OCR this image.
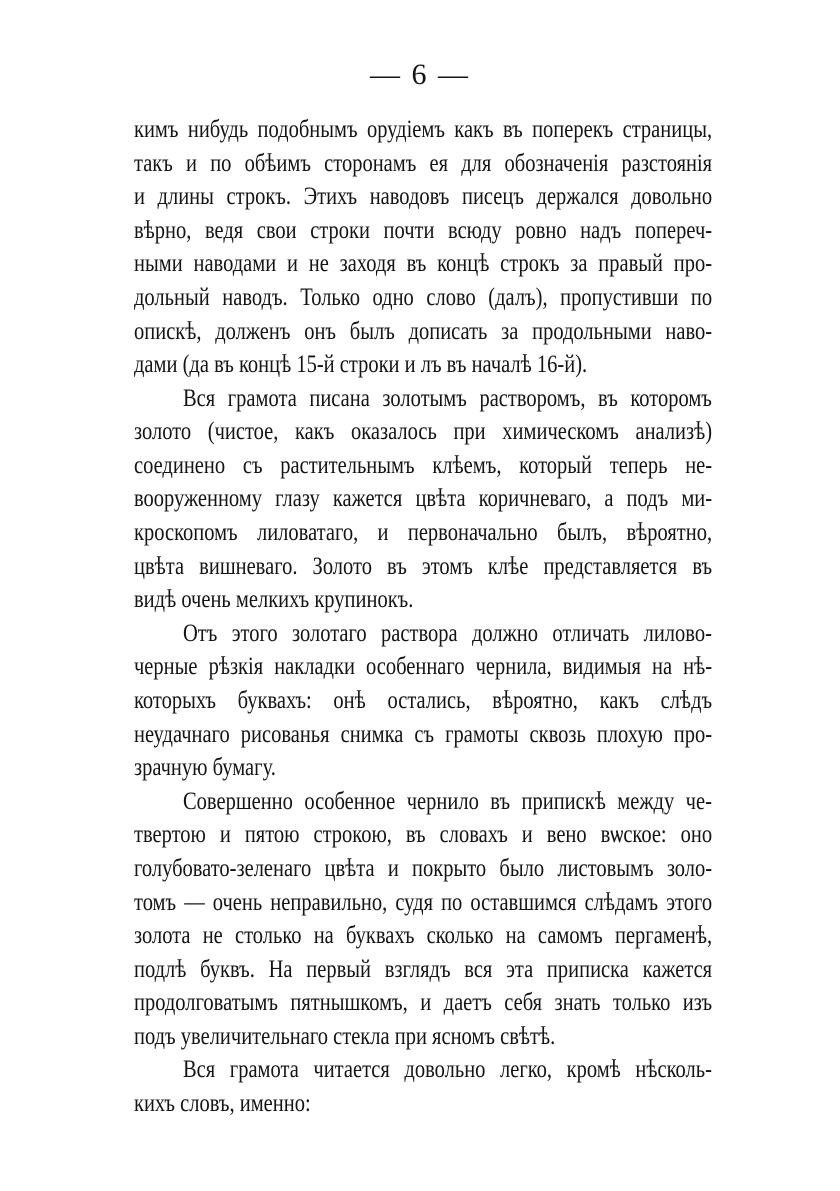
— 6 —
кимъ нибудь подобнымъ орудіемъ какъ въ поперекъ страницы,
такъ и по обѣимъ сторонамъ ея для обозначенія разстоянія
и длины строкъ. Этихъ наводовъ писецъ держался довольно
вѣрно, ведя свои строки почти всюду ровно надъ попереч-
ными наводами и не заходя въ концѣ строкъ за правый про-
дольный наводъ. Только одно слово (далъ), пропустивши по
опискѣ, долженъ онъ былъ дописать за продольными наво-
дами (да въ концѣ 15-й строки и лъ въ началѣ 16-й).
Вся грамота писана золотымъ растворомъ, въ которомъ
золото (чистое, какъ оказалось при химическомъ анализѣ)
соединено съ растительнымъ клѣемъ, который теперь не-
вооруженному глазу кажется цвѣта коричневаго, а подъ ми-
кроскопомъ лиловатаго, и первоначально былъ, вѣроятно,
цвѣта вишневаго. Золото въ этомъ клѣе представляется въ
видѣ очень мелкихъ крупинокъ.
Отъ этого золотаго раствора должно отличать лилово-
черные рѣзкія накладки особеннаго чернила, видимыя на нѣ-
которыхъ буквахъ: онѣ остались, вѣроятно, какъ слѣдъ
неудачнаго рисованья снимка съ грамоты сквозь плохую про-
зрачную бумагу.
Совершенно особенное чернило въ припискѣ между че-
твертою и пятою строкою, въ словахъ и вено вѡское: оно
голубовато-зеленаго цвѣта и покрыто было листовымъ золо-
томъ — очень неправильно, судя по оставшимся слѣдамъ этого
золота не столько на буквахъ сколько на самомъ пергаменѣ,
подлѣ буквъ. На первый взглядъ вся эта приписка кажется
продолговатымъ пятнышкомъ, и даетъ себя знать только изъ
подъ увеличительнаго стекла при ясномъ свѣтѣ.
Вся грамота читается довольно легко, кромѣ нѣсколь-
кихъ словъ, именно:
